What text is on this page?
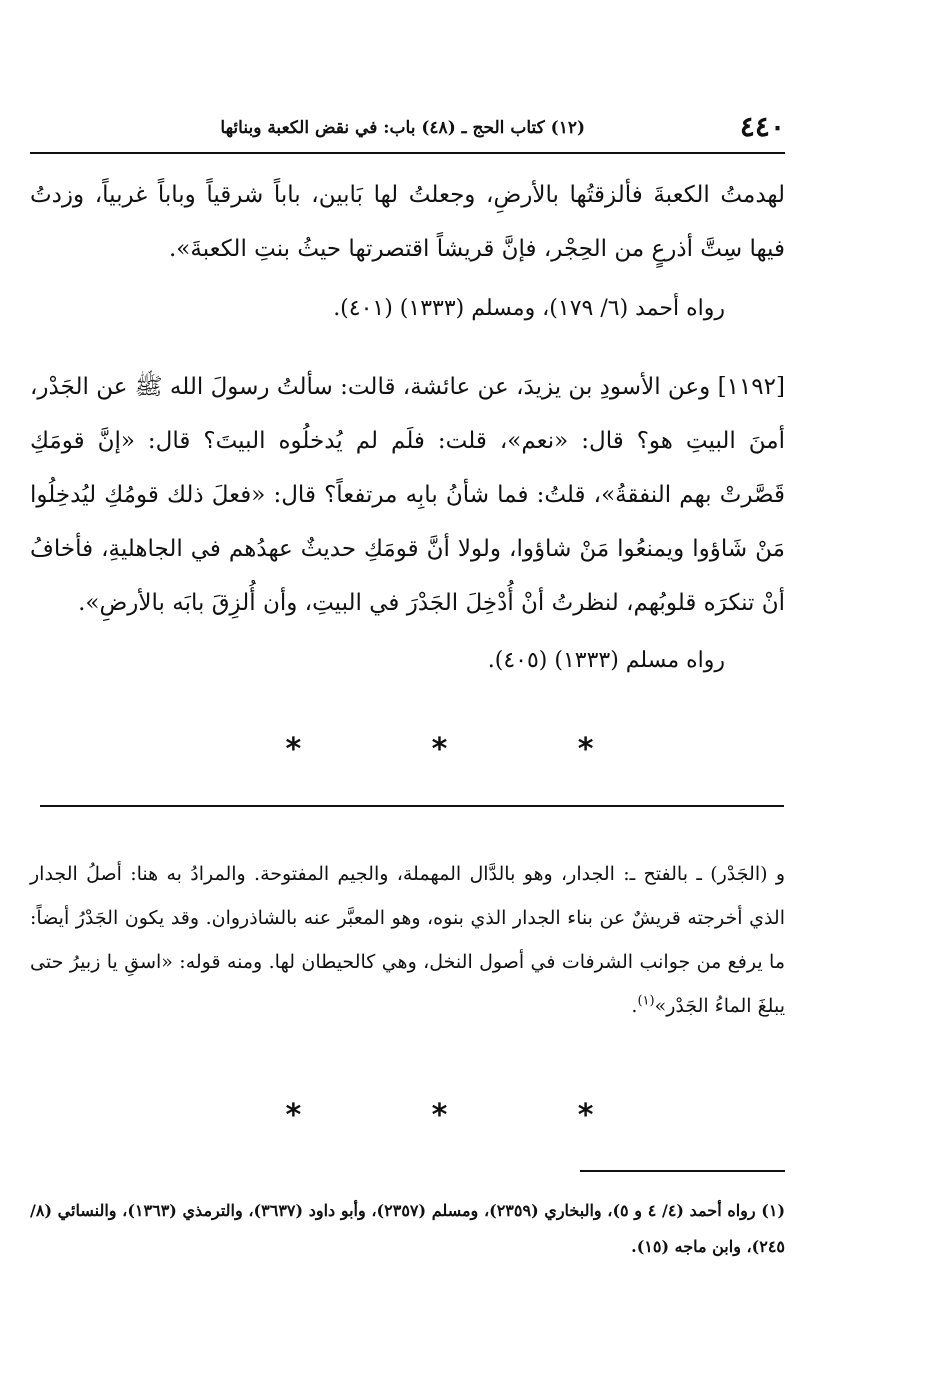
٤٤٠
(١٢) كتاب الحج ـ (٤٨) باب: في نقض الكعبة وبنائها

لهدمتُ الكعبةَ فألزقتُها بالأرضِ، وجعلتُ لها بَابين، باباً شرقياً وباباً غربياً، وزدتُ فيها سِتَّ أذرعٍ من الحِجْر، فإنَّ قريشاً اقتصرتها حيثُ بنتِ الكعبةَ».

رواه أحمد (٦/ ١٧٩)، ومسلم (١٣٣٣) (٤٠١).

[١١٩٢] وعن الأسودِ بن يزيدَ، عن عائشة، قالت: سألتُ رسولَ الله ﷺ عن الجَدْر، أمنَ البيتِ هو؟ قال: «نعم»، قلت: فلَم لم يُدخلُوه البيتَ؟ قال: «إنَّ قومَكِ قَصَّرتْ بهم النفقةُ»، قلتُ: فما شأنُ بابِه مرتفعاً؟ قال: «فعلَ ذلك قومُكِ ليُدخِلُوا مَنْ شَاؤوا ويمنعُوا مَنْ شاؤوا، ولولا أنَّ قومَكِ حديثٌ عهدُهم في الجاهليةِ، فأخافُ أنْ تنكرَه قلوبُهم، لنظرتُ أنْ أُدْخِلَ الجَدْرَ في البيتِ، وأن أُلزِقَ بابَه بالأرضِ».

رواه مسلم (١٣٣٣) (٤٠٥).

* * *
و (الجَدْر) ـ بالفتح ـ: الجدار، وهو بالدَّال المهملة، والجيم المفتوحة. والمرادُ به هنا: أصلُ الجدار الذي أخرجته قريشٌ عن بناء الجدار الذي بنوه، وهو المعبَّر عنه بالشاذروان. وقد يكون الجَدْرُ أيضاً: ما يرفع من جوانب الشرفات في أصول النخل، وهي كالحيطان لها. ومنه قوله: «اسقِ يا زبيرُ حتى يبلغَ الماءُ الجَدْر»$^{(١)}$.
* * *
(١) رواه أحمد (٤/ ٤ و ٥)، والبخاري (٢٣٥٩)، ومسلم (٢٣٥٧)، وأبو داود (٣٦٣٧)، والترمذي (١٣٦٣)، والنسائي (٨/ ٢٤٥)، وابن ماجه (١٥).
